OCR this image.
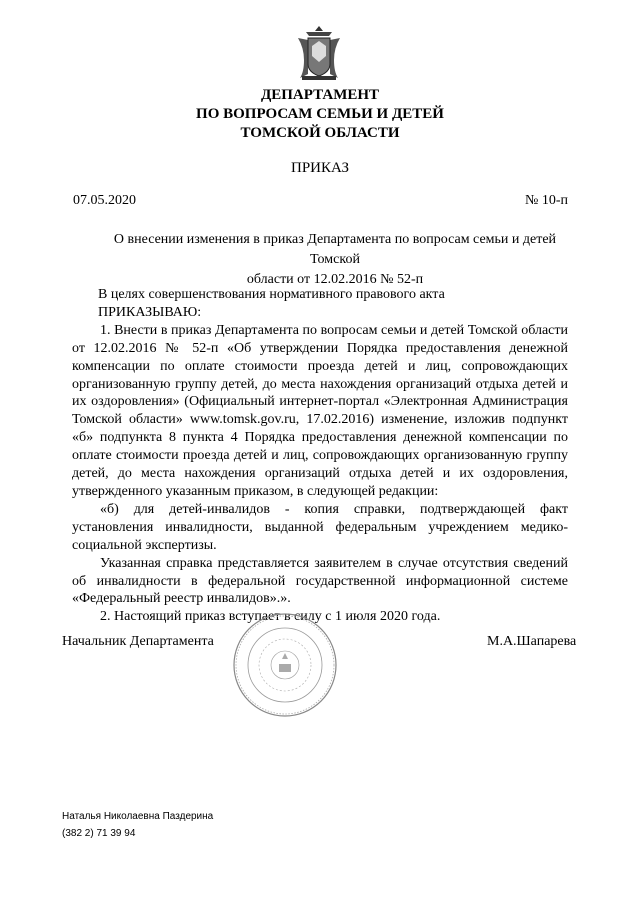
ДЕПАРТАМЕНТ
ПО ВОПРОСАМ СЕМЬИ И ДЕТЕЙ
ТОМСКОЙ ОБЛАСТИ
ПРИКАЗ
07.05.2020	№ 10-п
О внесении изменения в приказ Департамента по вопросам семьи и детей Томской
области от 12.02.2016 № 52-п

В целях совершенствования нормативного правового акта

ПРИКАЗЫВАЮ:

1. Внести в приказ Департамента по вопросам семьи и детей Томской области от 12.02.2016 № 52-п «Об утверждении Порядка предоставления денежной компенсации по оплате стоимости проезда детей и лиц, сопровождающих организованную группу детей, до места нахождения организаций отдыха детей и их оздоровления» (Официальный интернет-портал «Электронная Администрация Томской области» www.tomsk.gov.ru, 17.02.2016) изменение, изложив подпункт «б» подпункта 8 пункта 4 Порядка предоставления денежной компенсации по оплате стоимости проезда детей и лиц, сопровождающих организованную группу детей, до места нахождения организаций отдыха детей и их оздоровления, утвержденного указанным приказом, в следующей редакции:

«б) для детей-инвалидов - копия справки, подтверждающей факт установления инвалидности, выданной федеральным учреждением медико-социальной экспертизы.

Указанная справка представляется заявителем в случае отсутствия сведений об инвалидности в федеральной государственной информационной системе «Федеральный реестр инвалидов».».

2. Настоящий приказ вступает в силу с 1 июля 2020 года.

Начальник Департамента	М.А.Шапарева
Наталья Николаевна Паздерина
(382 2) 71 39 94
